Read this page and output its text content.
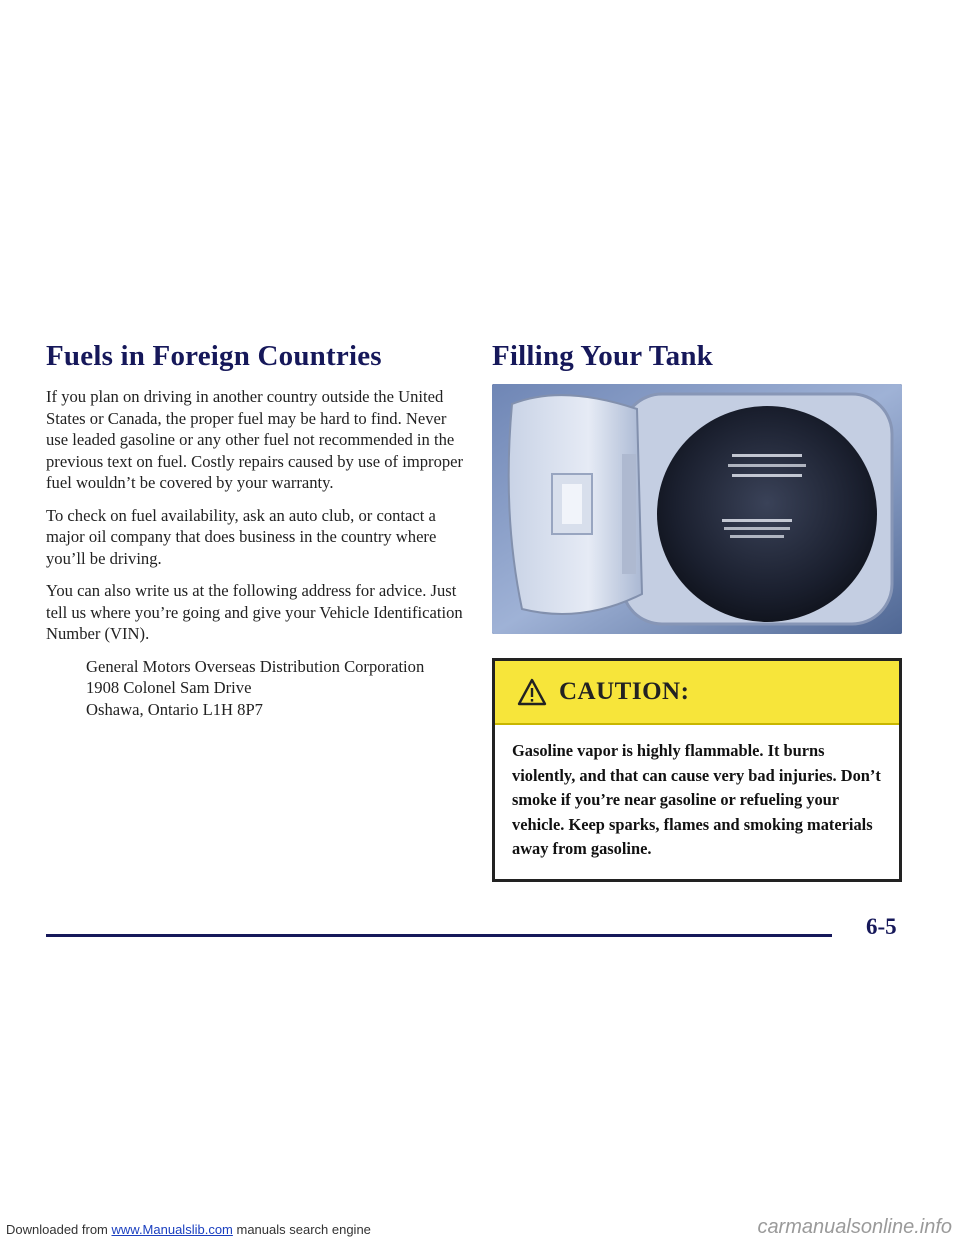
Fuels in Foreign Countries

If you plan on driving in another country outside the United States or Canada, the proper fuel may be hard to find. Never use leaded gasoline or any other fuel not recommended in the previous text on fuel. Costly repairs caused by use of improper fuel wouldn’t be covered by your warranty.

To check on fuel availability, ask an auto club, or contact a major oil company that does business in the country where you’ll be driving.

You can also write us at the following address for advice. Just tell us where you’re going and give your Vehicle Identification Number (VIN).

General Motors Overseas Distribution Corporation
1908 Colonel Sam Drive
Oshawa, Ontario L1H 8P7
Filling Your Tank
CAUTION:
Gasoline vapor is highly flammable. It burns violently, and that can cause very bad injuries. Don’t smoke if you’re near gasoline or refueling your vehicle. Keep sparks, flames and smoking materials away from gasoline.
6-5
Downloaded from www.Manualslib.com manuals search engine	carmanualsonline.info
